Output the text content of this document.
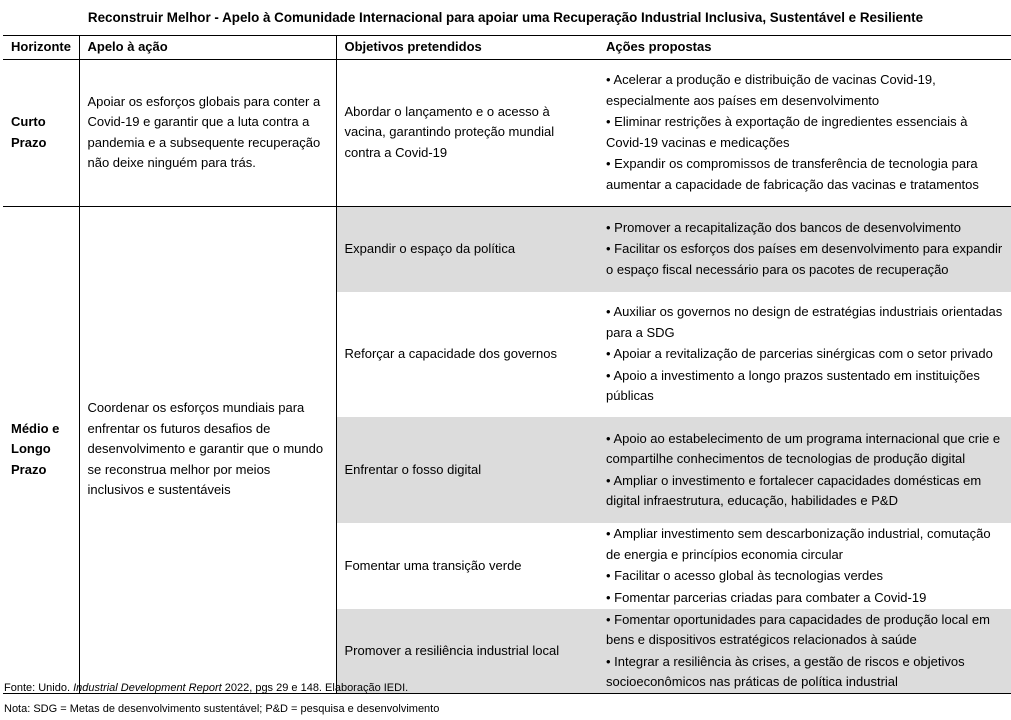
Reconstruir Melhor - Apelo à Comunidade Internacional para apoiar uma Recuperação Industrial Inclusiva, Sustentável e Resiliente
Horizonte	Apelo à ação	Objetivos pretendidos	Ações propostas
Curto Prazo	Apoiar os esforços globais para conter a Covid-19 e garantir que a luta contra a pandemia e a subsequente recuperação não deixe ninguém para trás.	Abordar o lançamento e o acesso à vacina, garantindo proteção mundial contra a Covid-19	• Acelerar a produção e distribuição de vacinas Covid-19, especialmente aos países em desenvolvimento

• Eliminar restrições à exportação de ingredientes essenciais à Covid-19 vacinas e medicações

• Expandir os compromissos de transferência de tecnologia para aumentar a capacidade de fabricação das vacinas e tratamentos

Médio e Longo Prazo	Coordenar os esforços mundiais para enfrentar os futuros desafios de desenvolvimento e garantir que o mundo se reconstrua melhor por meios inclusivos e sustentáveis	Expandir o espaço da política	• Promover a recapitalização dos bancos de desenvolvimento

• Facilitar os esforços dos países em desenvolvimento para expandir o espaço fiscal necessário para os pacotes de recuperação

		Reforçar a capacidade dos governos	• Auxiliar os governos no design de estratégias industriais orientadas para a SDG

• Apoiar a revitalização de parcerias sinérgicas com o setor privado

• Apoio a investimento a longo prazos sustentado em instituições públicas

		Enfrentar o fosso digital	• Apoio ao estabelecimento de um programa internacional que crie e compartilhe conhecimentos de tecnologias de produção digital

• Ampliar o investimento e fortalecer capacidades domésticas em digital infraestrutura, educação, habilidades e P&D

		Fomentar uma transição verde	• Ampliar investimento sem descarbonização industrial, comutação de energia e princípios economia circular

• Facilitar o acesso global às tecnologias verdes

• Fomentar parcerias criadas para combater a Covid-19

		Promover a resiliência industrial local	• Fomentar oportunidades para capacidades de produção local em bens e dispositivos estratégicos relacionados à saúde

• Integrar a resiliência às crises, a gestão de riscos e objetivos socioeconômicos nas práticas de política industrial

Fonte: Unido. Industrial Development Report 2022, pgs 29 e 148. Elaboração IEDI.
Nota: SDG = Metas de desenvolvimento sustentável; P&D = pesquisa e desenvolvimento
